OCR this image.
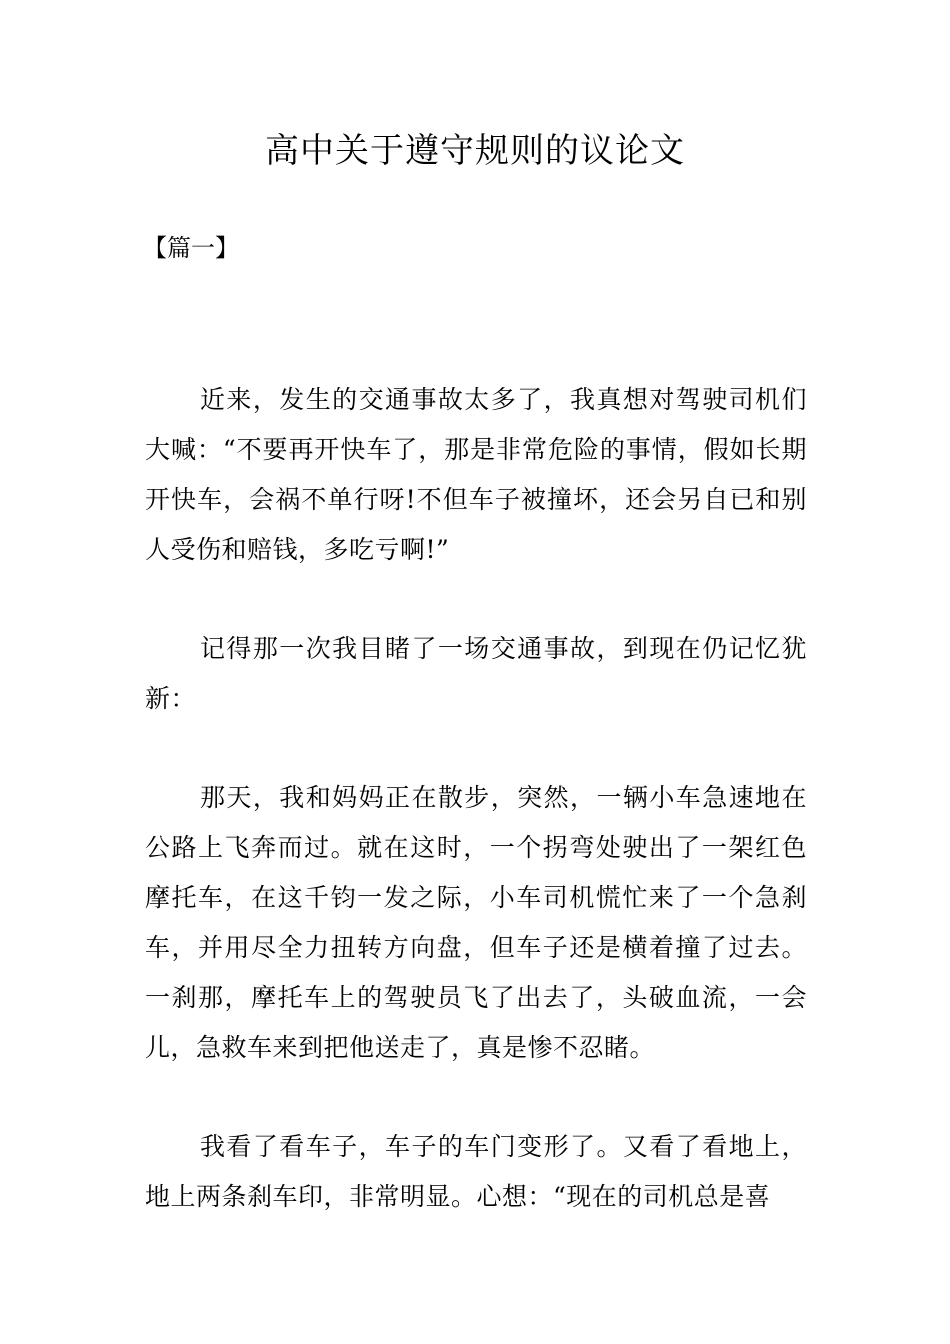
高中关于遵守规则的议论文

【篇一】

近来，发生的交通事故太多了，我真想对驾驶司机们大喊：“不要再开快车了，那是非常危险的事情，假如长期开快车，会祸不单行呀!不但车子被撞坏，还会另自已和别人受伤和赔钱，多吃亏啊!”

记得那一次我目睹了一场交通事故，到现在仍记忆犹新：

那天，我和妈妈正在散步，突然，一辆小车急速地在公路上飞奔而过。就在这时，一个拐弯处驶出了一架红色摩托车，在这千钧一发之际，小车司机慌忙来了一个急刹车，并用尽全力扭转方向盘，但车子还是横着撞了过去。一刹那，摩托车上的驾驶员飞了出去了，头破血流，一会儿，急救车来到把他送走了，真是惨不忍睹。

我看了看车子，车子的车门变形了。又看了看地上，地上两条刹车印，非常明显。心想：“现在的司机总是喜
